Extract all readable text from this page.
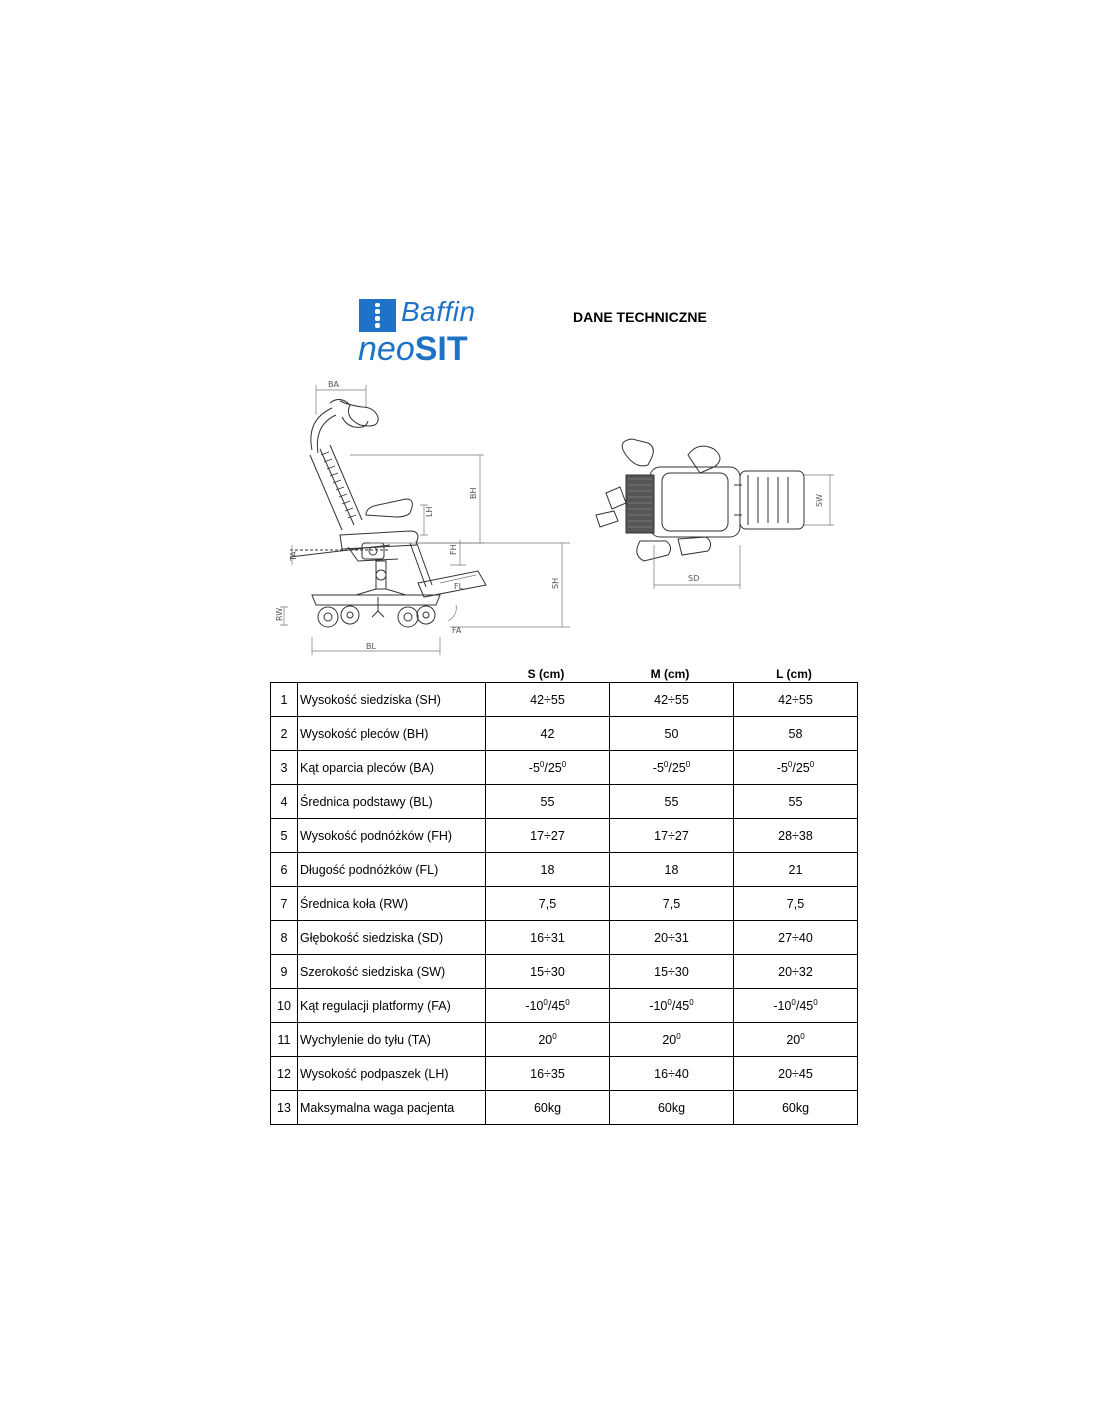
Baffin
neoSIT
DANE TECHNICZNE
BA
BH
LH
FH
TA
SH
FL
RW
FA
BL
SW
SD
S (cm)	M (cm)	L (cm)
1	Wysokość siedziska (SH)	42÷55	42÷55	42÷55
2	Wysokość pleców (BH)	42	50	58
3	Kąt oparcia pleców (BA)	$-5^0/25^0$	$-5^0/25^0$	$-5^0/25^0$
4	Średnica podstawy (BL)	55	55	55
5	Wysokość podnóżków (FH)	17÷27	17÷27	28÷38
6	Długość podnóżków (FL)	18	18	21
7	Średnica koła (RW)	7,5	7,5	7,5
8	Głębokość siedziska (SD)	16÷31	20÷31	27÷40
9	Szerokość siedziska (SW)	15÷30	15÷30	20÷32
10	Kąt regulacji platformy (FA)	$-10^0/45^0$	$-10^0/45^0$	$-10^0/45^0$
11	Wychylenie do tyłu (TA)	$20^0$	$20^0$	$20^0$
12	Wysokość podpaszek (LH)	16÷35	16÷40	20÷45
13	Maksymalna waga pacjenta	60kg	60kg	60kg
